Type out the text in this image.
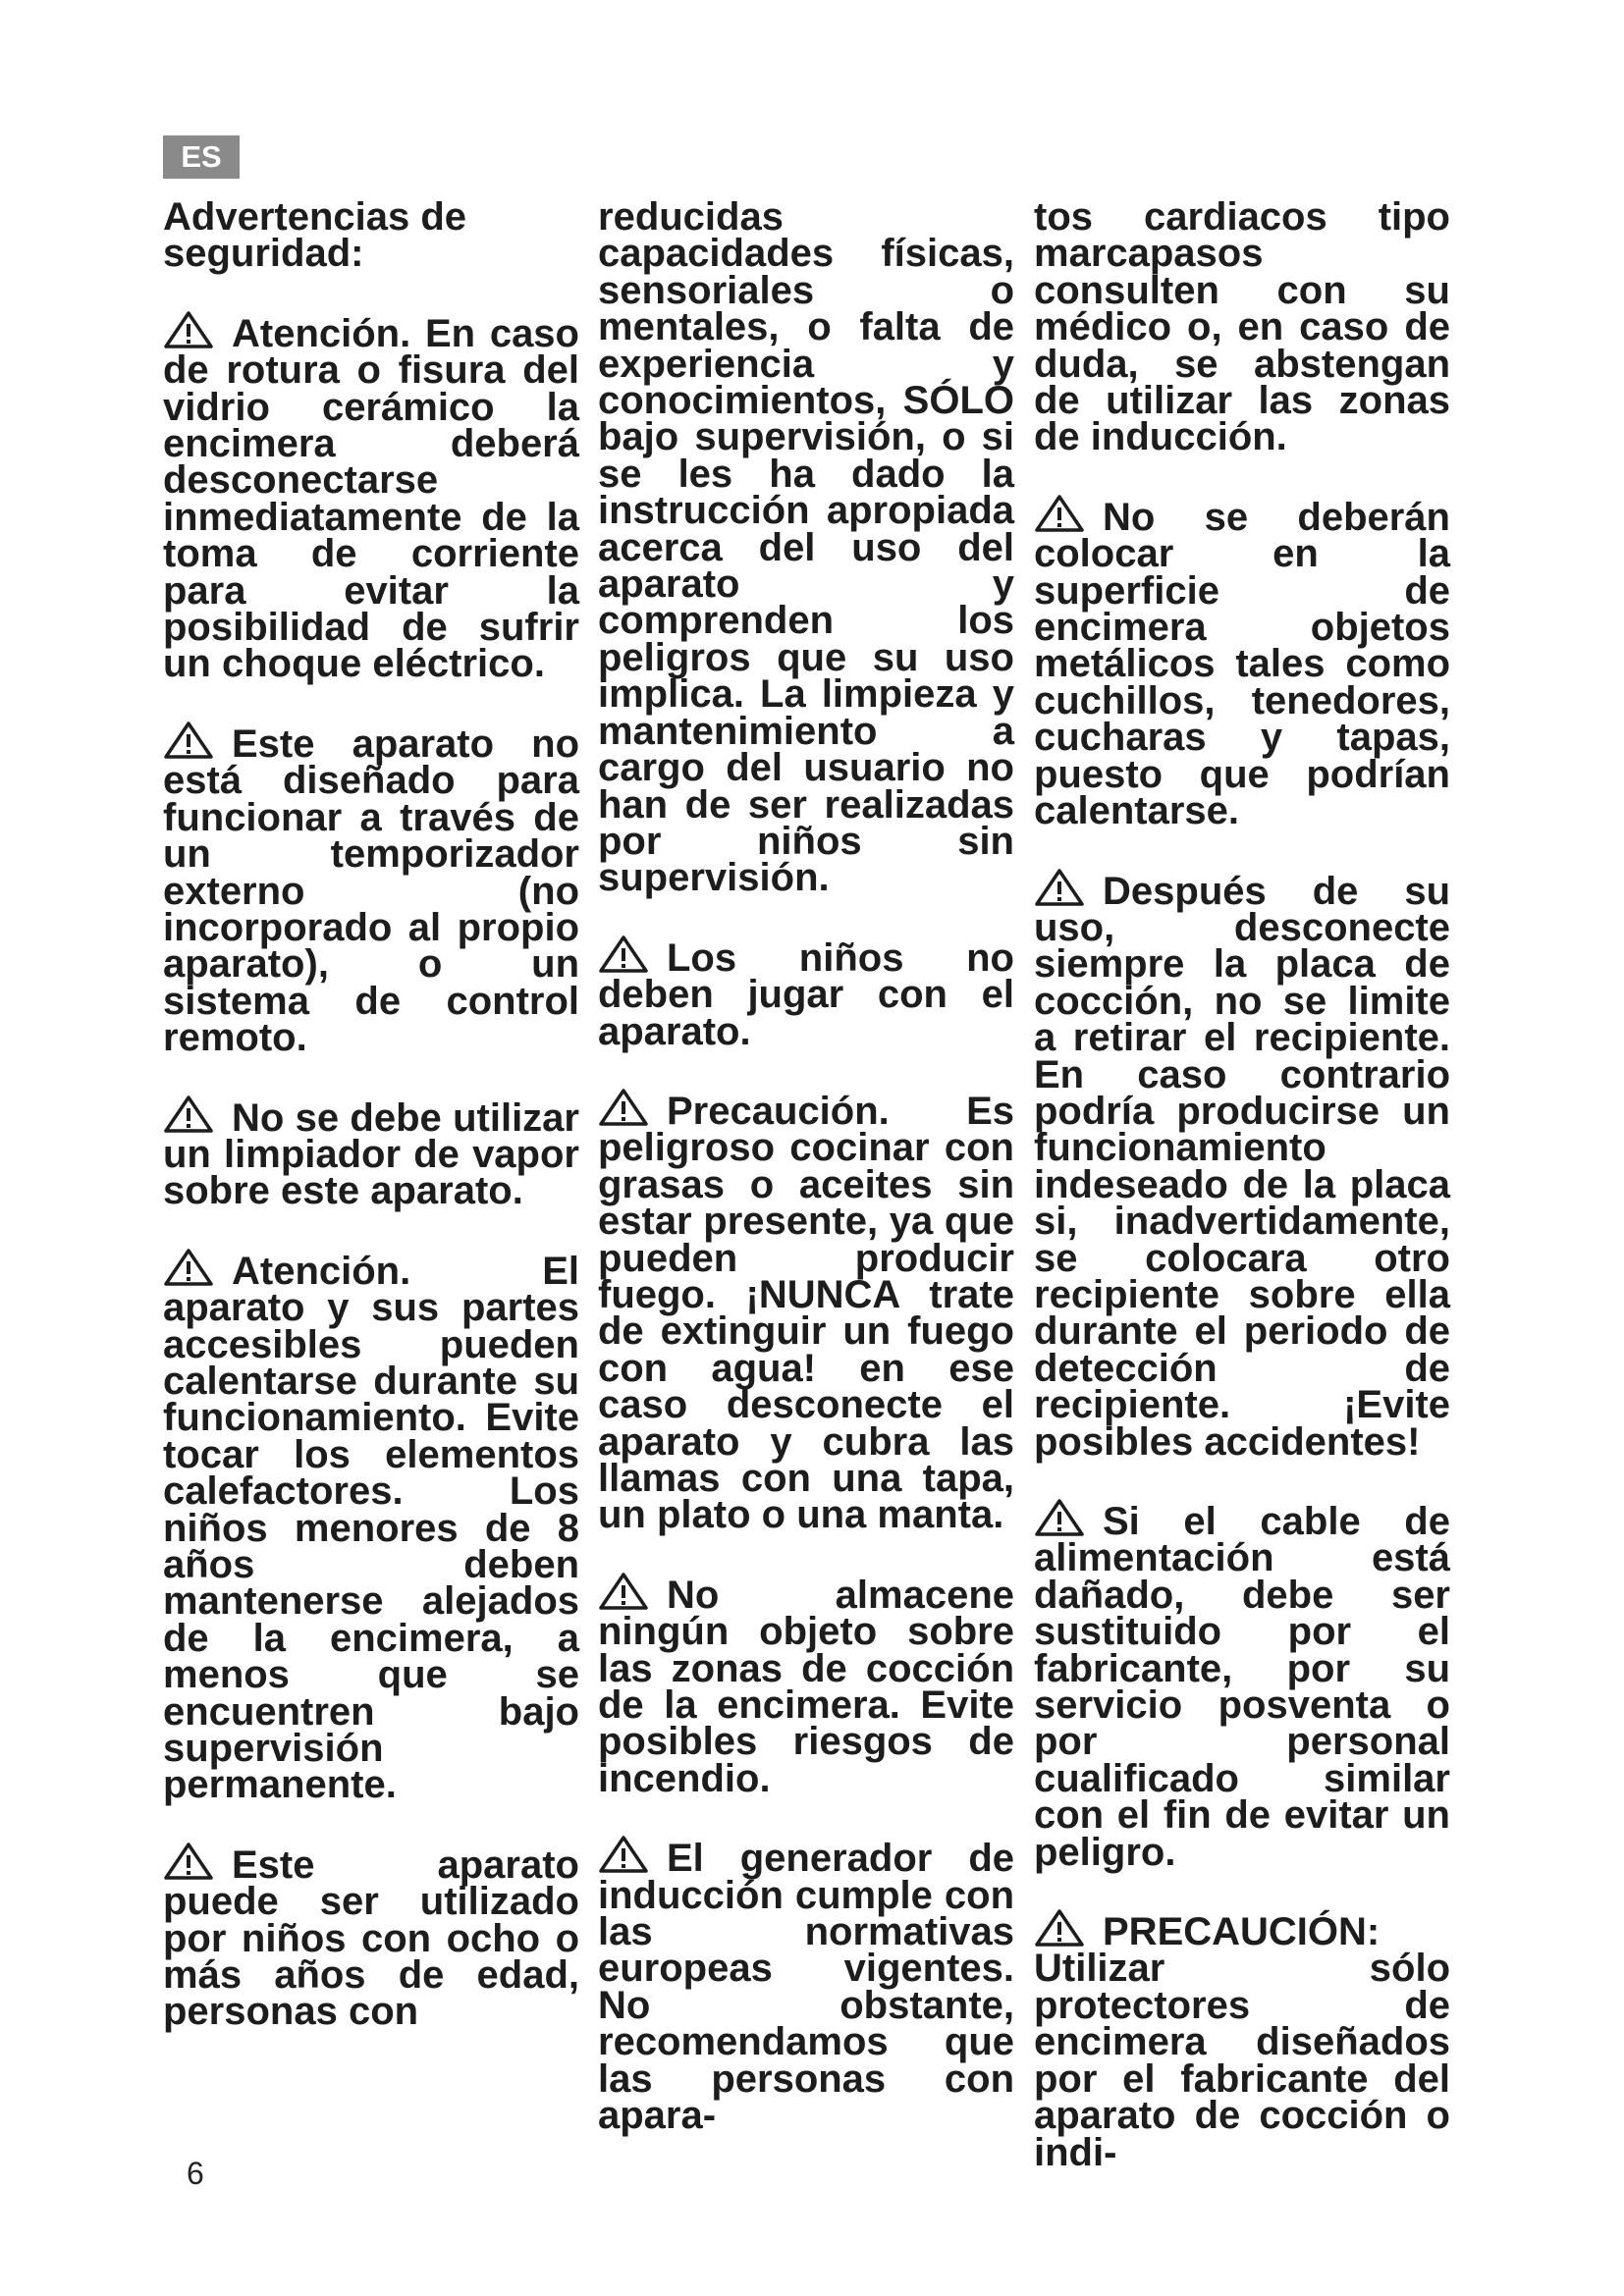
ES

Advertencias de seguridad:

Atención. En caso de rotura o fisura del vidrio cerámico la encimera deberá desconectarse inmediatamente de la toma de corriente para evitar la posibilidad de sufrir un choque eléctrico.

Este aparato no está diseñado para funcionar a través de un temporizador externo (no incorporado al propio aparato), o un sistema de control remoto.

No se debe utilizar un limpiador de vapor sobre este aparato.

Atención. El aparato y sus partes accesibles pueden calentarse durante su funcionamiento. Evite tocar los elementos calefactores. Los niños menores de 8 años deben mantenerse alejados de la encimera, a menos que se encuentren bajo supervisión permanente.

Este aparato puede ser utilizado por niños con ocho o más años de edad, personas con

reducidas capacidades físicas, sensoriales o mentales, o falta de experiencia y conocimientos, SÓLO bajo supervisión, o si se les ha dado la instrucción apropiada acerca del uso del aparato y comprenden los peligros que su uso implica. La limpieza y mantenimiento a cargo del usuario no han de ser realizadas por niños sin supervisión.

Los niños no deben jugar con el aparato.

Precaución. Es peligroso cocinar con grasas o aceites sin estar presente, ya que pueden producir fuego. ¡NUNCA trate de extinguir un fuego con agua! en ese caso desconecte el aparato y cubra las llamas con una tapa, un plato o una manta.

No almacene ningún objeto sobre las zonas de cocción de la encimera. Evite posibles riesgos de incendio.

El generador de inducción cumple con las normativas europeas vigentes. No obstante, recomendamos que las personas con apara-

tos cardiacos tipo marcapasos consulten con su médico o, en caso de duda, se abstengan de utilizar las zonas de inducción.

No se deberán colocar en la superficie de encimera objetos metálicos tales como cuchillos, tenedores, cucharas y tapas, puesto que podrían calentarse.

Después de su uso, desconecte siempre la placa de cocción, no se limite a retirar el recipiente. En caso contrario podría producirse un funcionamiento indeseado de la placa si, inadvertidamente, se colocara otro recipiente sobre ella durante el periodo de detección de recipiente. ¡Evite posibles accidentes!

Si el cable de alimentación está dañado, debe ser sustituido por el fabricante, por su servicio posventa o por personal cualificado similar con el fin de evitar un peligro.

PRECAUCIÓN: Utilizar sólo protectores de encimera diseñados por el fabricante del aparato de cocción o indi-

6
